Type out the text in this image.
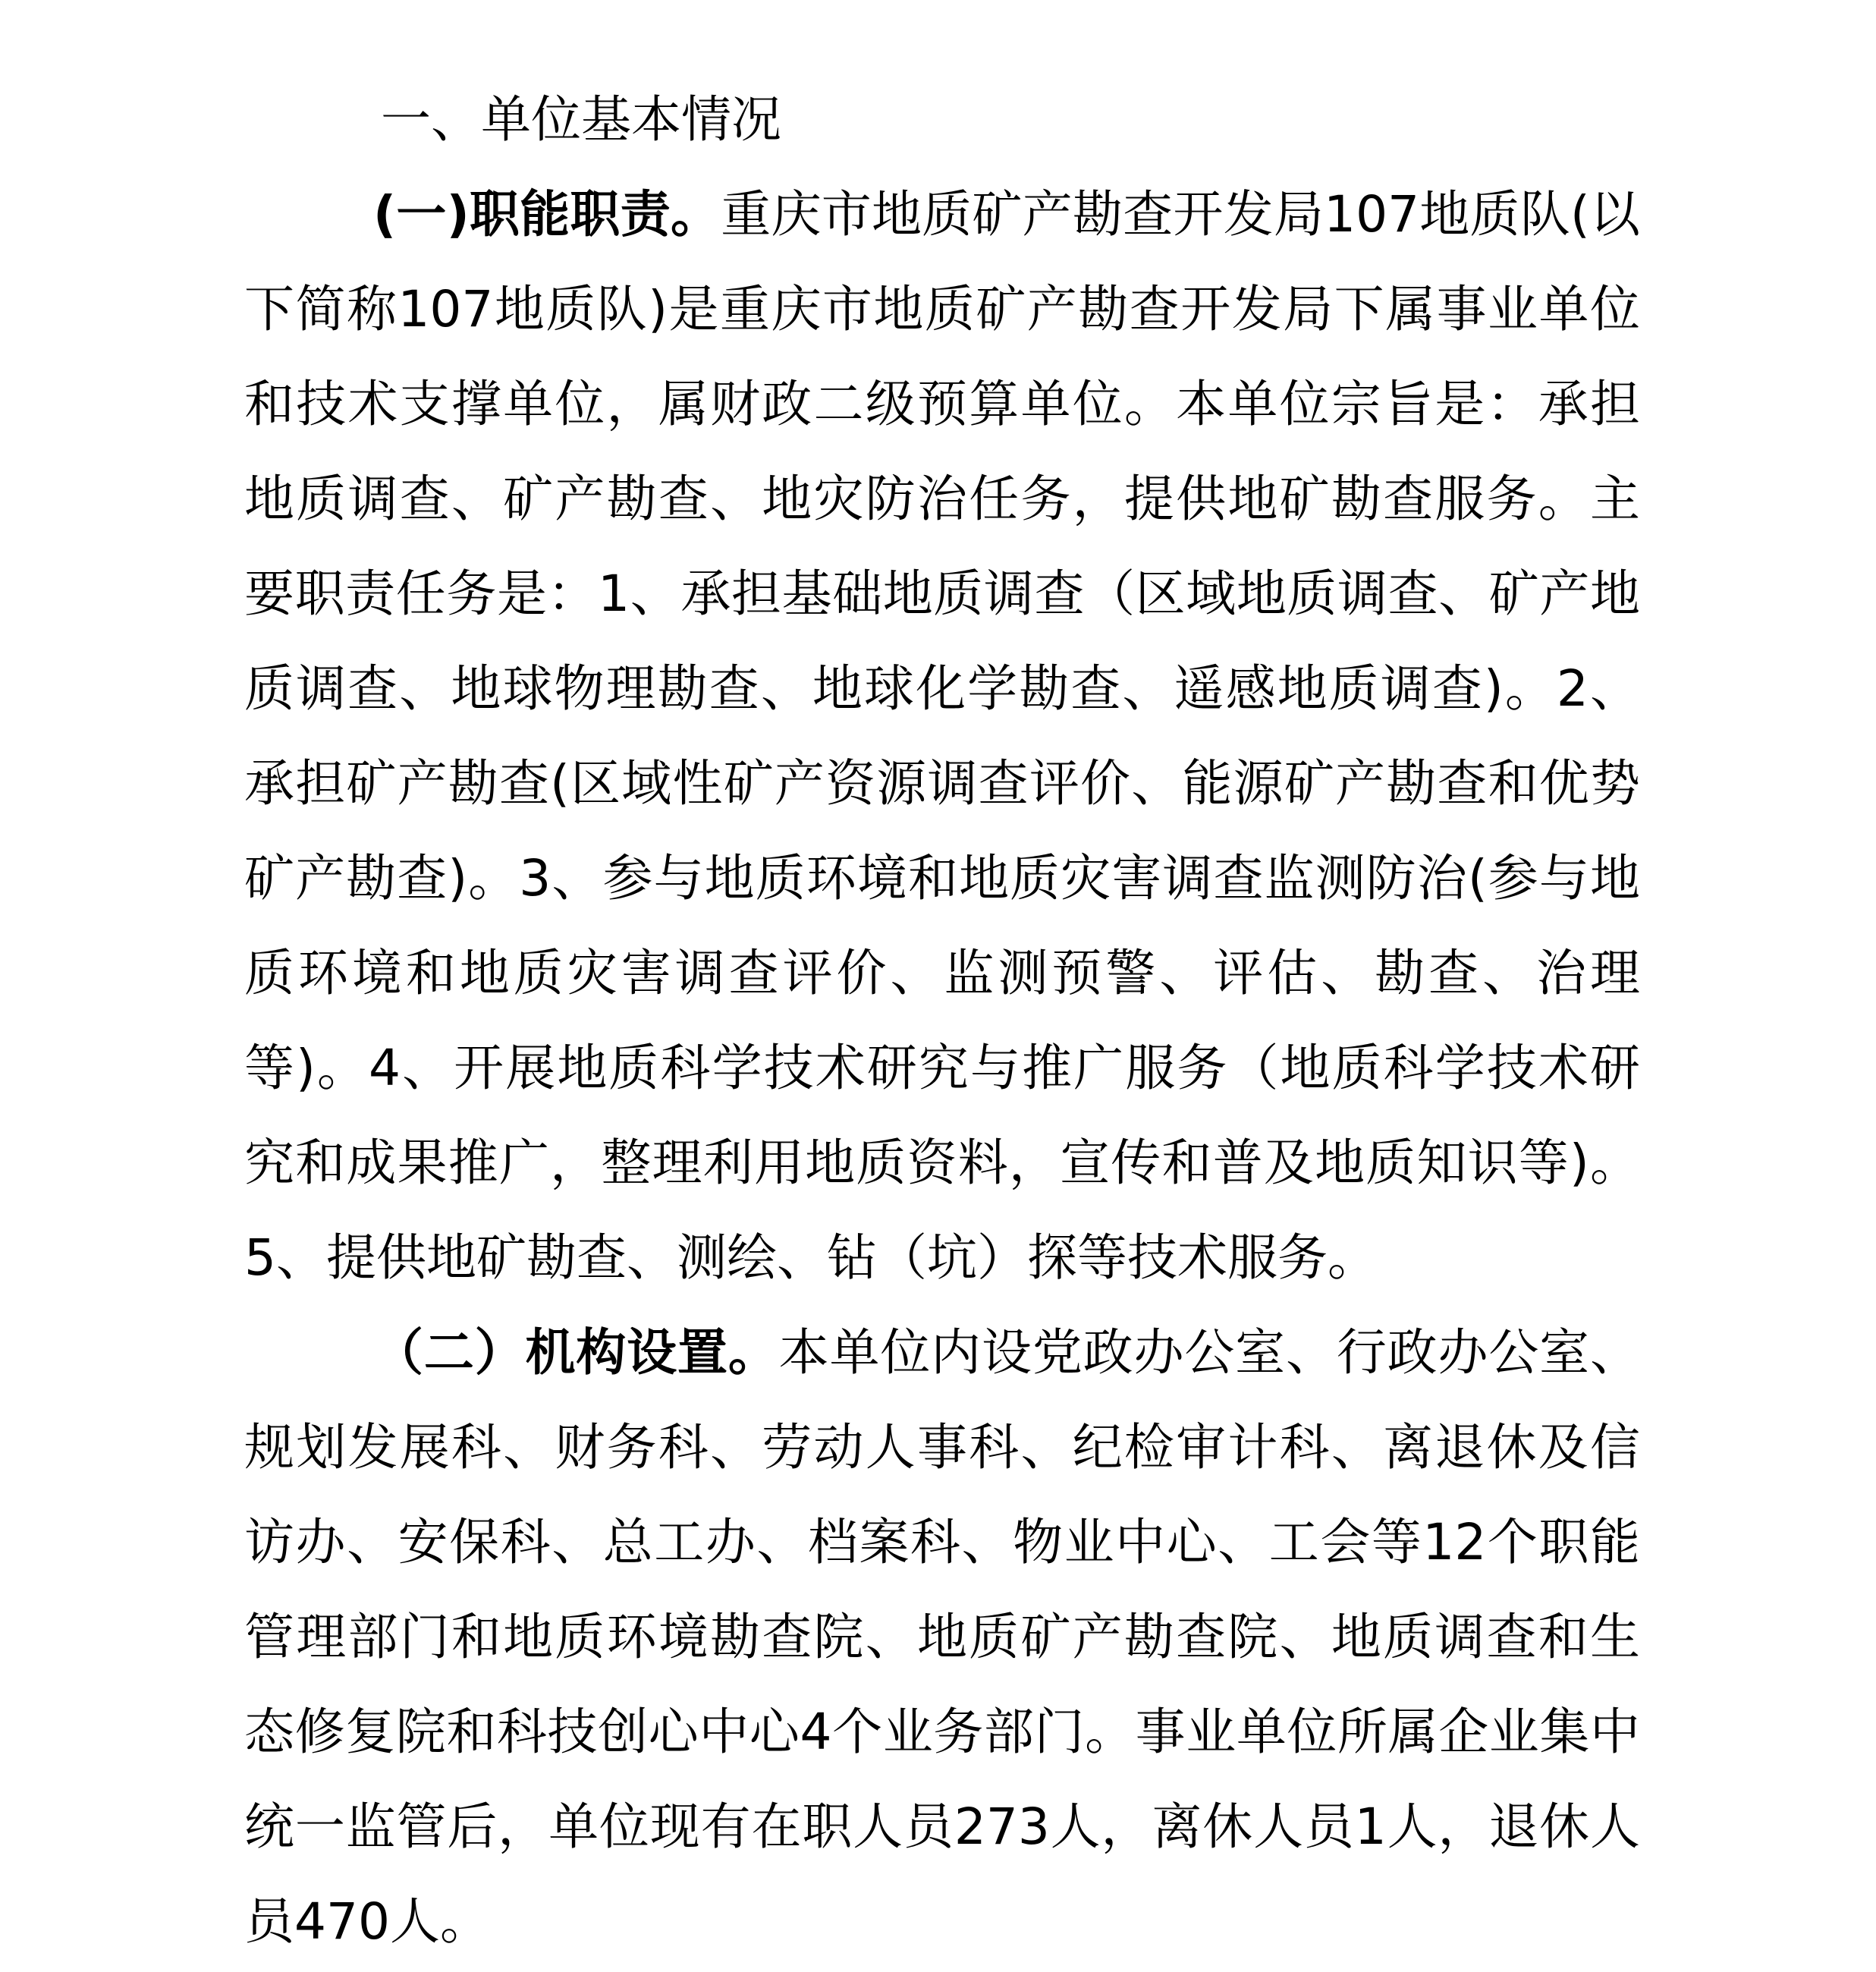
一、单位基本情况

(一)职能职责。重庆市地质矿产勘查开发局107地质队(以下简称107地质队)是重庆市地质矿产勘查开发局下属事业单位和技术支撑单位，属财政二级预算单位。本单位宗旨是：承担地质调查、矿产勘查、地灾防治任务，提供地矿勘查服务。主要职责任务是：1、承担基础地质调查（区域地质调查、矿产地质调查、地球物理勘查、地球化学勘查、遥感地质调查)。2、承担矿产勘查(区域性矿产资源调查评价、能源矿产勘查和优势矿产勘查)。3、参与地质环境和地质灾害调查监测防治(参与地质环境和地质灾害调查评价、监测预警、评估、勘查、治理等)。4、开展地质科学技术研究与推广服务（地质科学技术研究和成果推广，整理利用地质资料，宣传和普及地质知识等)。5、提供地矿勘查、测绘、钻（坑）探等技术服务。

（二）机构设置。本单位内设党政办公室、行政办公室、规划发展科、财务科、劳动人事科、纪检审计科、离退休及信访办、安保科、总工办、档案科、物业中心、工会等12个职能管理部门和地质环境勘查院、地质矿产勘查院、地质调查和生态修复院和科技创心中心4个业务部门。事业单位所属企业集中统一监管后，单位现有在职人员273人，离休人员1人，退休人员470人。
